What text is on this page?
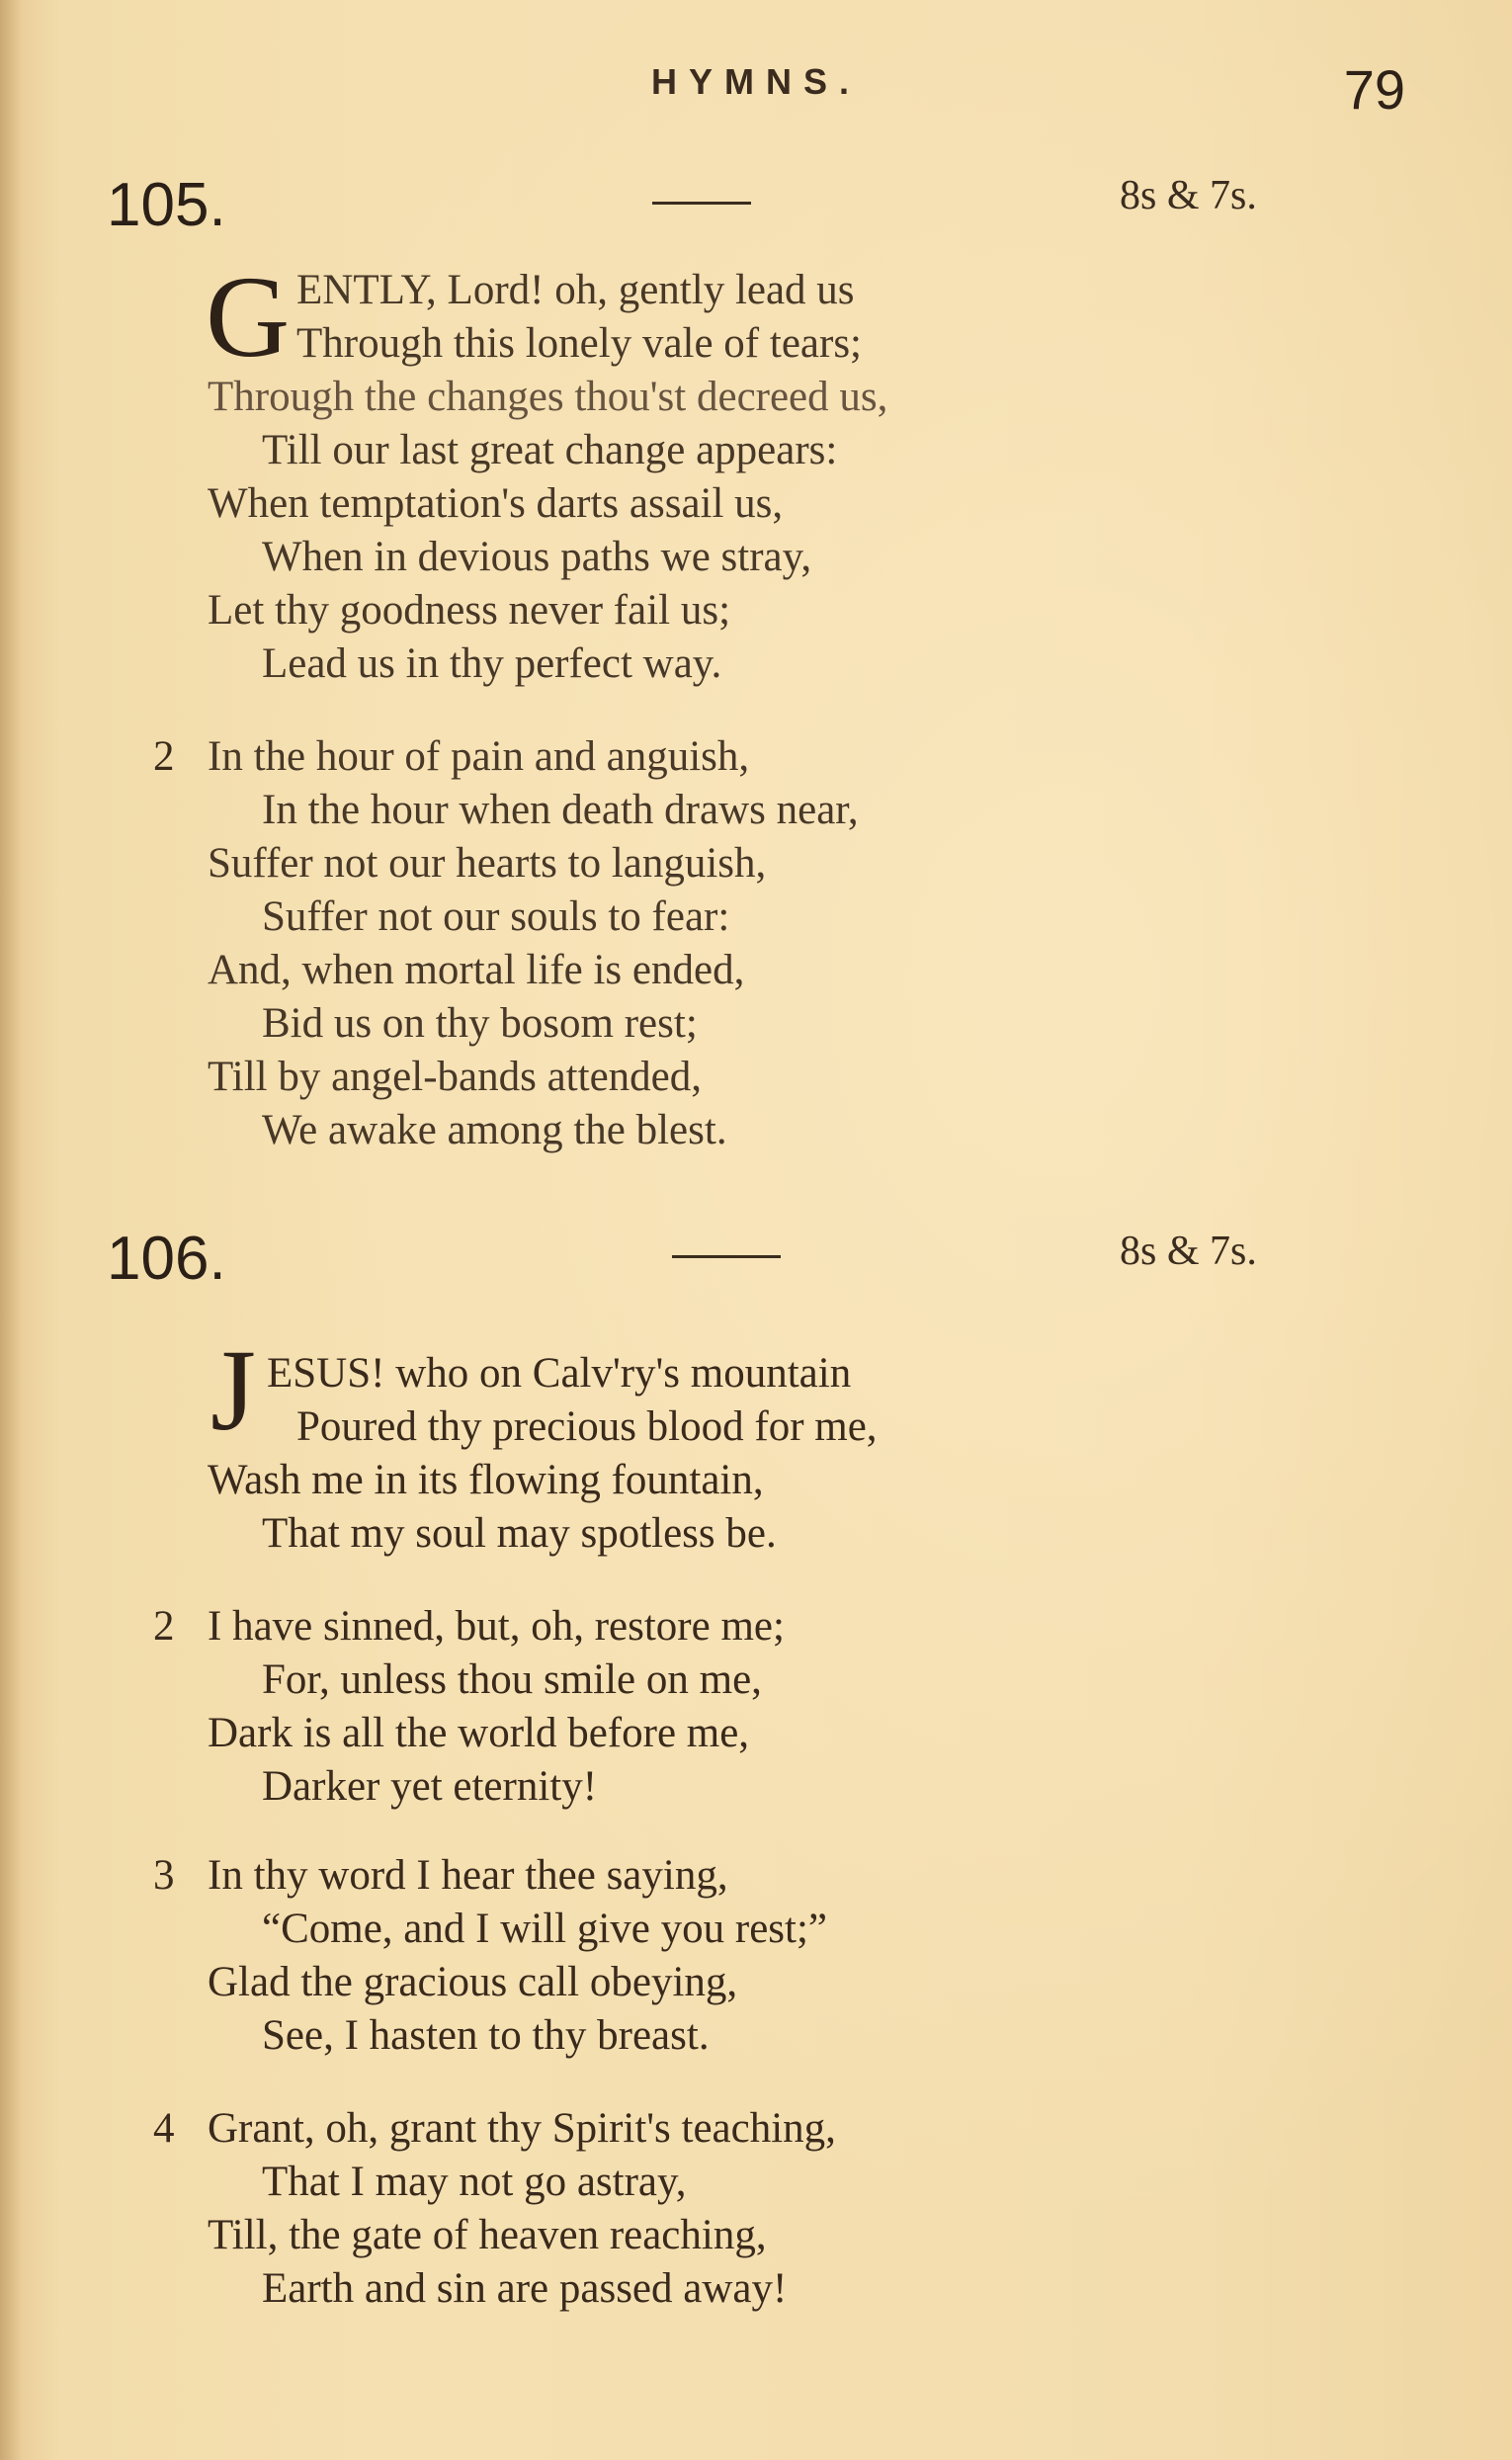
HYMNS.	79
105.	8s & 7s.
G ENTLY, Lord! oh, gently lead us
Through this lonely vale of tears;
Through the changes thou'st decreed us,
Till our last great change appears:
When temptation's darts assail us,
When in devious paths we stray,
Let thy goodness never fail us;
Lead us in thy perfect way.
2 In the hour of pain and anguish,
In the hour when death draws near,
Suffer not our hearts to languish,
Suffer not our souls to fear:
And, when mortal life is ended,
Bid us on thy bosom rest;
Till by angel-bands attended,
We awake among the blest.
106.	8s & 7s.
J ESUS! who on Calv'ry's mountain
Poured thy precious blood for me,
Wash me in its flowing fountain,
That my soul may spotless be.
2 I have sinned, but, oh, restore me;
For, unless thou smile on me,
Dark is all the world before me,
Darker yet eternity!
3 In thy word I hear thee saying,
“Come, and I will give you rest;”
Glad the gracious call obeying,
See, I hasten to thy breast.
4 Grant, oh, grant thy Spirit's teaching,
That I may not go astray,
Till, the gate of heaven reaching,
Earth and sin are passed away!
